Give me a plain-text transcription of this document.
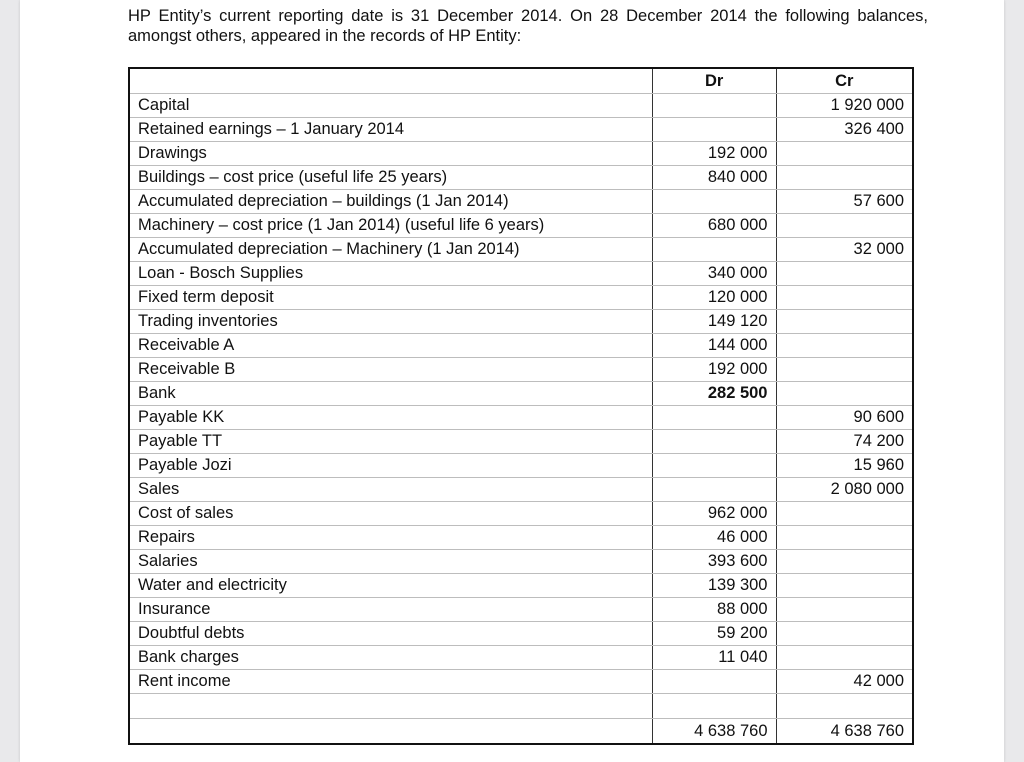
HP Entity’s current reporting date is 31 December 2014. On 28 December 2014 the following balances, amongst others, appeared in the records of HP Entity:
	Dr	Cr
Capital		1 920 000
Retained earnings – 1 January 2014		326 400
Drawings	192 000	
Buildings – cost price (useful life 25 years)	840 000	
Accumulated depreciation – buildings (1 Jan 2014)		57 600
Machinery – cost price (1 Jan 2014) (useful life 6 years)	680 000	
Accumulated depreciation – Machinery (1 Jan 2014)		32 000
Loan - Bosch Supplies	340 000	
Fixed term deposit	120 000	
Trading inventories	149 120	
Receivable A	144 000	
Receivable B	192 000	
Bank	282 500	
Payable KK		90 600
Payable TT		74 200
Payable Jozi		15 960
Sales		2 080 000
Cost of sales	962 000	
Repairs	46 000	
Salaries	393 600	
Water and electricity	139 300	
Insurance	88 000	
Doubtful debts	59 200	
Bank charges	11 040	
Rent income		42 000

	4 638 760	4 638 760
